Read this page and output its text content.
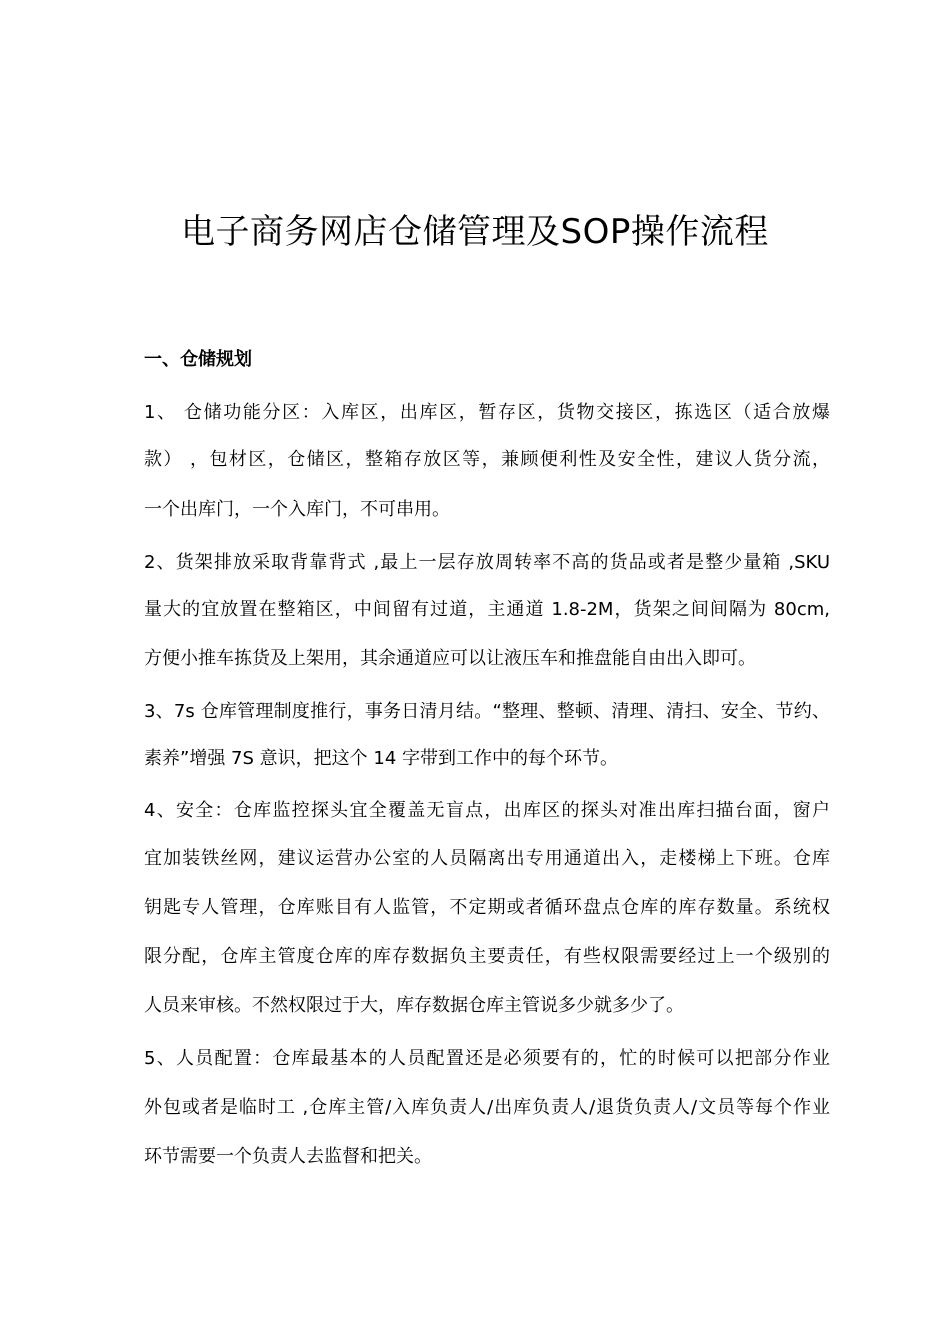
电子商务网店仓储管理及SOP操作流程
一、仓储规划
1、 仓储功能分区：入库区，出库区，暂存区，货物交接区，拣选区（适合放爆
款） ，包材区，仓储区，整箱存放区等，兼顾便利性及安全性，建议人货分流，
一个出库门，一个入库门，不可串用。
2、货架排放采取背靠背式 ,最上一层存放周转率不高的货品或者是整少量箱 ,SKU
量大的宜放置在整箱区，中间留有过道，主通道 1.8-2M，货架之间间隔为 80cm,
方便小推车拣货及上架用，其余通道应可以让液压车和推盘能自由出入即可。
3、7s 仓库管理制度推行，事务日清月结。“整理、整顿、清理、清扫、安全、节约、
素养”增强 7S 意识，把这个 14 字带到工作中的每个环节。
4、安全：仓库监控探头宜全覆盖无盲点，出库区的探头对准出库扫描台面，窗户
宜加装铁丝网，建议运营办公室的人员隔离出专用通道出入，走楼梯上下班。仓库
钥匙专人管理，仓库账目有人监管，不定期或者循环盘点仓库的库存数量。系统权
限分配，仓库主管度仓库的库存数据负主要责任，有些权限需要经过上一个级别的
人员来审核。不然权限过于大，库存数据仓库主管说多少就多少了。
5、人员配置：仓库最基本的人员配置还是必须要有的，忙的时候可以把部分作业
外包或者是临时工 ,仓库主管/入库负责人/出库负责人/退货负责人/文员等每个作业
环节需要一个负责人去监督和把关。
